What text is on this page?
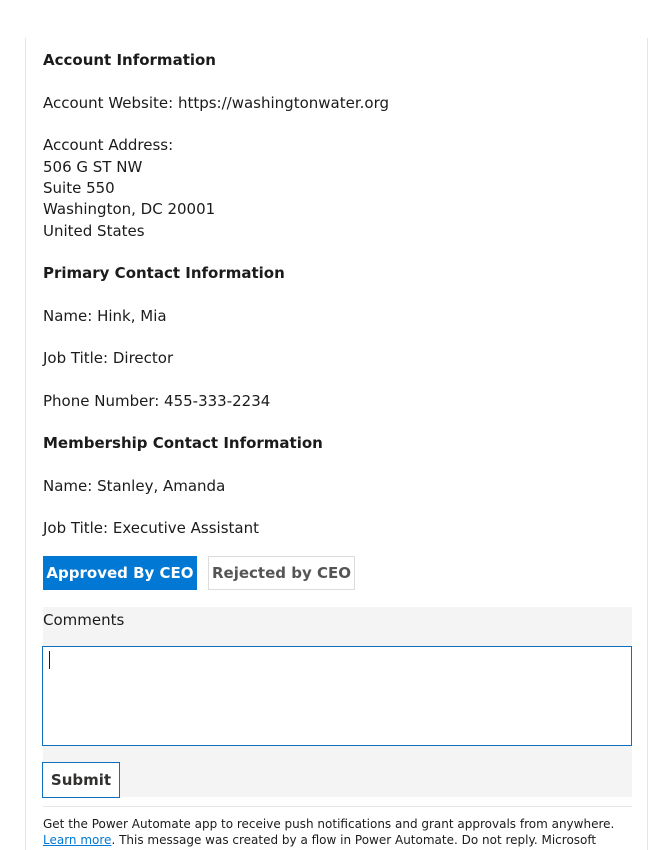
Account Information
Account Website: https://washingtonwater.org
Account Address:
506 G ST NW
Suite 550
Washington, DC 20001
United States
Primary Contact Information
Name: Hink, Mia
Job Title: Director
Phone Number: 455-333-2234
Membership Contact Information
Name: Stanley, Amanda
Job Title: Executive Assistant
Approved By CEO Rejected by CEO
Comments
Submit
Get the Power Automate app to receive push notifications and grant approvals from anywhere.
Learn more. This message was created by a flow in Power Automate. Do not reply. Microsoft
